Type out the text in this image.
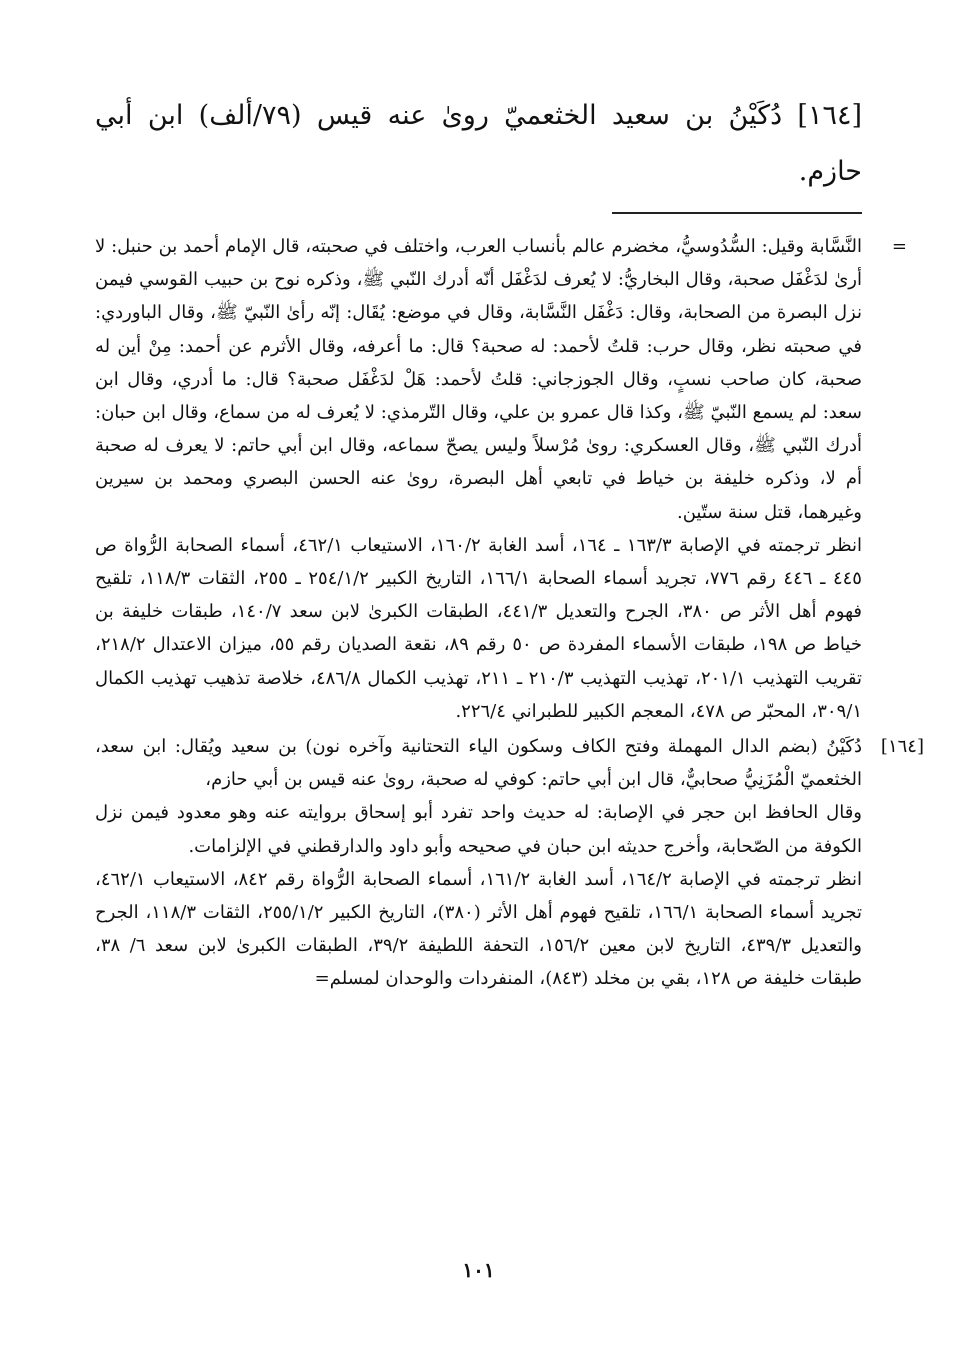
[١٦٤] دُكَيْنُ بن سعيد الخثعميّ روىٰ عنه قيس (٧٩/ألف) ابن أبي حازم.

=

النَّسَّابة وقيل: السُّدُوسيُّ، مخضرم عالم بأنساب العرب، واختلف في صحبته، قال الإمام أحمد بن حنبل: لا أرىٰ لدَغْفَل صحبة، وقال البخاريُّ: لا يُعرف لدَغْفَل أنّه أدرك النّبي ﷺ، وذكره نوح بن حبيب القوسي فيمن نزل البصرة من الصحابة، وقال: دَغْفَل النَّسَّابة، وقال في موضع: يُقَال: إنّه رأىٰ النّبيّ ﷺ، وقال الباوردي: في صحبته نظر، وقال حرب: قلتُ لأحمد: له صحبة؟ قال: ما أعرفه، وقال الأثرم عن أحمد: مِنْ أين له صحبة، كان صاحب نسبٍ، وقال الجوزجاني: قلتُ لأحمد: هَلْ لدَغْفَل صحبة؟ قال: ما أدري، وقال ابن سعد: لم يسمع النّبيّ ﷺ، وكذا قال عمرو بن علي، وقال التّرمذي: لا يُعرف له من سماع، وقال ابن حبان: أدرك النّبي ﷺ، وقال العسكري: روىٰ مُرْسلاً وليس يصحّ سماعه، وقال ابن أبي حاتم: لا يعرف له صحبة أم لا، وذكره خليفة بن خياط في تابعي أهل البصرة، روىٰ عنه الحسن البصري ومحمد بن سيرين وغيرهما، قتل سنة ستّين.

انظر ترجمته في الإصابة ١٦٣/٣ ـ ١٦٤، أسد الغابة ١٦٠/٢، الاستيعاب ٤٦٢/١، أسماء الصحابة الرُّواة ص ٤٤٥ ـ ٤٤٦ رقم ٧٧٦، تجريد أسماء الصحابة ١٦٦/١، التاريخ الكبير ٢٥٤/١/٢ ـ ٢٥٥، الثقات ١١٨/٣، تلقيح فهوم أهل الأثر ص ٣٨٠، الجرح والتعديل ٤٤١/٣، الطبقات الكبرىٰ لابن سعد ١٤٠/٧، طبقات خليفة بن خياط ص ١٩٨، طبقات الأسماء المفردة ص ٥٠ رقم ٨٩، نقعة الصديان رقم ٥٥، ميزان الاعتدال ٢١٨/٢، تقريب التهذيب ٢٠١/١، تهذيب التهذيب ٢١٠/٣ ـ ٢١١، تهذيب الكمال ٤٨٦/٨، خلاصة تذهيب تهذيب الكمال ٣٠٩/١، المحبّر ص ٤٧٨، المعجم الكبير للطبراني ٢٢٦/٤.

[١٦٤]

دُكَيْنُ (بضم الدال المهملة وفتح الكاف وسكون الياء التحتانية وآخره نون) بن سعيد ويُقال: ابن سعد، الخثعميّ الْمُزَنِيُّ صحابيٌّ، قال ابن أبي حاتم: كوفي له صحبة، روىٰ عنه قيس بن أبي حازم،

وقال الحافظ ابن حجر في الإصابة: له حديث واحد تفرد أبو إسحاق بروايته عنه وهو معدود فيمن نزل الكوفة من الصّحابة، وأخرج حديثه ابن حبان في صحيحه وأبو داود والدارقطني في الإلزامات.

انظر ترجمته في الإصابة ١٦٤/٢، أسد الغابة ١٦١/٢، أسماء الصحابة الرُّواة رقم ٨٤٢، الاستيعاب ٤٦٢/١، تجريد أسماء الصحابة ١٦٦/١، تلقيح فهوم أهل الأثر (٣٨٠)، التاريخ الكبير ٢٥٥/١/٢، الثقات ١١٨/٣، الجرح والتعديل ٤٣٩/٣، التاريخ لابن معين ١٥٦/٢، التحفة اللطيفة ٣٩/٢، الطبقات الكبرىٰ لابن سعد ٦/ ٣٨، طبقات خليفة ص ١٢٨، بقي بن مخلد (٨٤٣)، المنفردات والوحدان لمسلم=

١٠١
